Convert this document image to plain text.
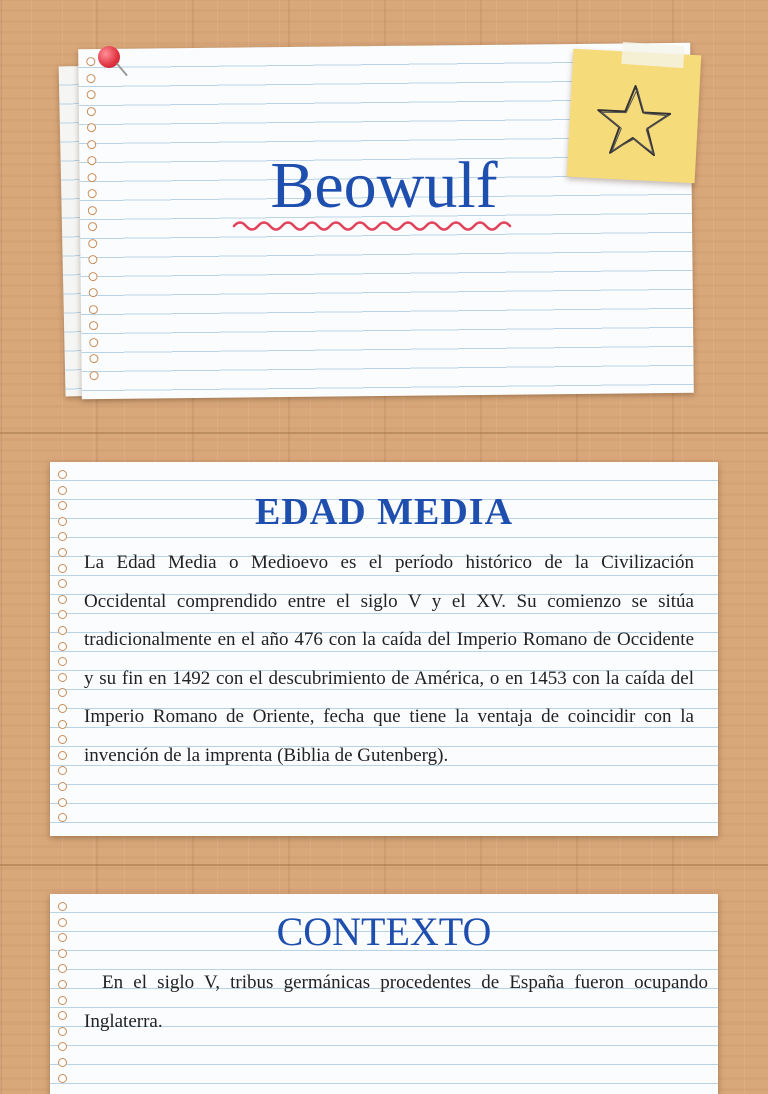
Beowulf
EDAD MEDIA

La Edad Media o Medioevo es el período histórico de la Civilización Occidental comprendido entre el siglo V y el XV. Su comienzo se sitúa tradicionalmente en el año 476 con la caída del Imperio Romano de Occidente y su fin en 1492 con el descubrimiento de América, o en 1453 con la caída del Imperio Romano de Oriente, fecha que tiene la ventaja de coincidir con la invención de la imprenta (Biblia de Gutenberg).

CONTEXTO

En el siglo V, tribus germánicas procedentes de España fueron ocupando Inglaterra.
